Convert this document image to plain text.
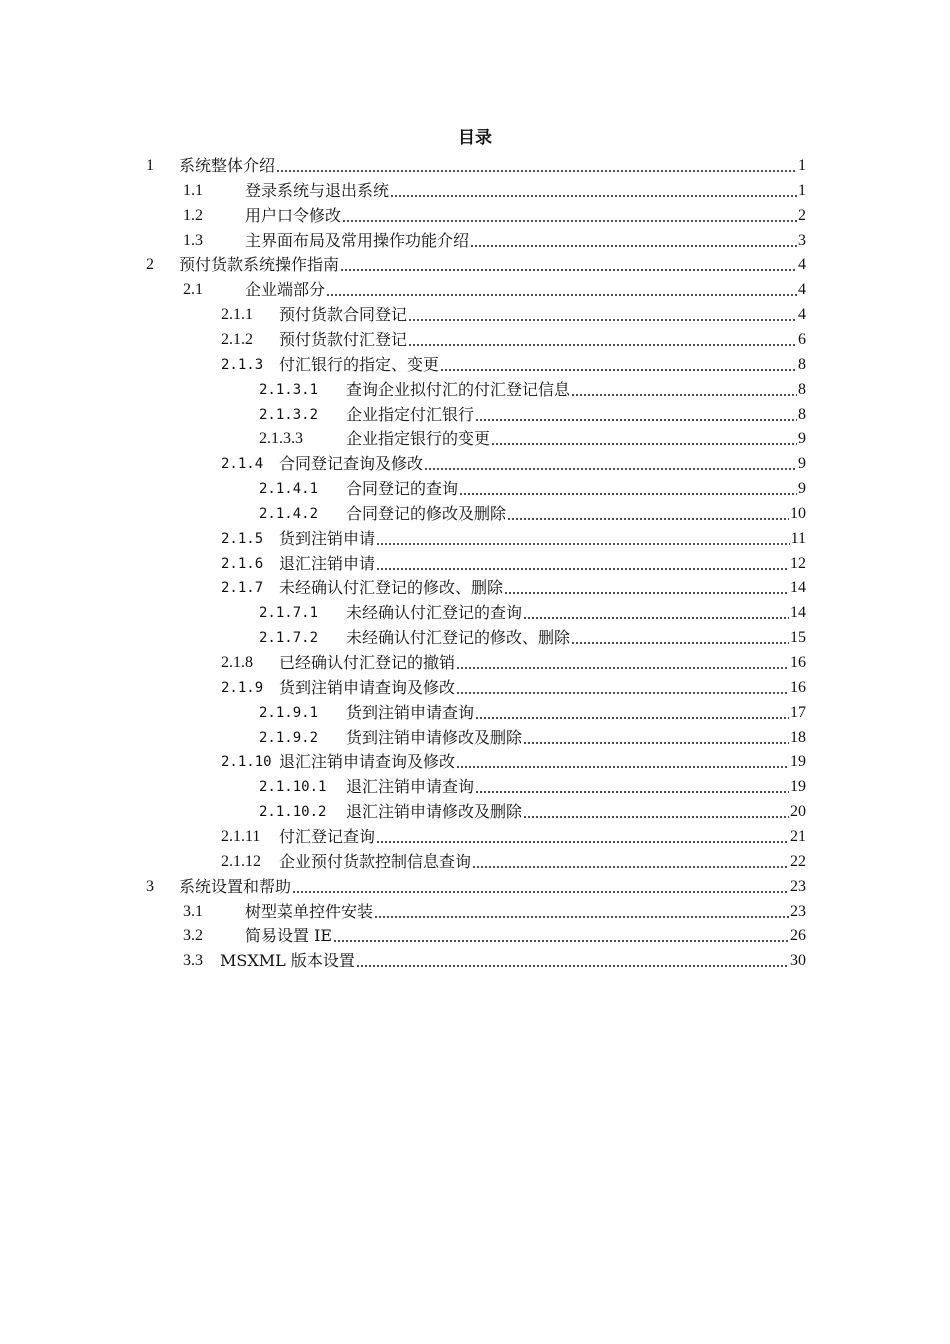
目录
1	系统整体介绍	1
1.1	登录系统与退出系统	1
1.2	用户口令修改	2
1.3	主界面布局及常用操作功能介绍	3
2	预付货款系统操作指南	4
2.1	企业端部分	4
2.1.1	预付货款合同登记	4
2.1.2	预付货款付汇登记	6
2.1.3 付汇银行的指定、变更	8
2.1.3.1	查询企业拟付汇的付汇登记信息	8
2.1.3.2	企业指定付汇银行	8
2.1.3.3	企业指定银行的变更	9
2.1.4 合同登记查询及修改	9
2.1.4.1	合同登记的查询	9
2.1.4.2	合同登记的修改及删除	10
2.1.5 货到注销申请	11
2.1.6 退汇注销申请	12
2.1.7 未经确认付汇登记的修改、删除	14
2.1.7.1	未经确认付汇登记的查询	14
2.1.7.2	未经确认付汇登记的修改、删除	15
2.1.8	已经确认付汇登记的撤销	16
2.1.9 货到注销申请查询及修改	16
2.1.9.1	货到注销申请查询	17
2.1.9.2	货到注销申请修改及删除	18
2.1.10 退汇注销申请查询及修改	19
2.1.10.1	退汇注销申请查询	19
2.1.10.2	退汇注销申请修改及删除	20
2.1.11	付汇登记查询	21
2.1.12	企业预付货款控制信息查询	22
3	系统设置和帮助	23
3.1	树型菜单控件安装	23
3.2	简易设置 IE	26
3.3	MSXML 版本设置	30
